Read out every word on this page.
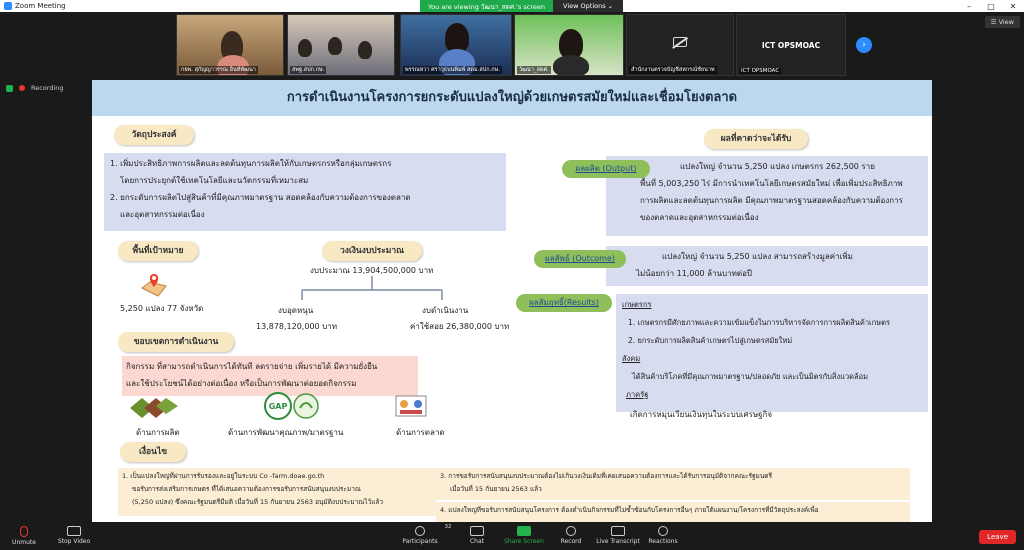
Zoom Meeting	–	□	✕
You are viewing วัฒนา_สดศ.'s screen	View Options ⌄
☰ View
กยพ. สุกัญญาวรรณ อินท์พัฒนา	สพฐ.สปก.กษ.	พรรณทวา ศราวุธบนพิมพ์ สดม.สปก.กษ.	วัฒนา_สดศ.	สำนักงานตรวจบัญชีสหกรณ์ชัยนาท
ICT OPSMOAC
ICT OPSMOAC
›
Recording
การดำเนินงานโครงการยกระดับแปลงใหญ่ด้วยเกษตรสมัยใหม่และเชื่อมโยงตลาด
วัตถุประสงค์
1. เพิ่มประสิทธิภาพการผลิตและลดต้นทุนการผลิตให้กับเกษตรกรหรือกลุ่มเกษตรกร
โดยการประยุกต์ใช้เทคโนโลยีและนวัตกรรมที่เหมาะสม
2. ยกระดับการผลิตไปสู่สินค้าที่มีคุณภาพมาตรฐาน สอดคล้องกับความต้องการของตลาด
และอุตสาหกรรมต่อเนื่อง
พื้นที่เป้าหมาย
5,250 แปลง 77 จังหวัด
วงเงินงบประมาณ
งบประมาณ 13,904,500,000 บาท
งบอุดหนุน
13,878,120,000 บาท
งบดำเนินงาน
ค่าใช้สอย 26,380,000 บาท
ขอบเขตการดำเนินงาน
กิจกรรม ที่สามารถดำเนินการได้ทันที ลดรายจ่าย เพิ่มรายได้ มีความยั่งยืน
และใช้ประโยชน์ได้อย่างต่อเนื่อง หรือเป็นการพัฒนาต่อยอดกิจกรรม
ด้านการผลิต
GAP
ด้านการพัฒนาคุณภาพ/มาตรฐาน	ด้านการตลาด
เงื่อนไข
1. เป็นแปลงใหญ่ที่ผ่านการรับรองและอยู่ในระบบ Co -farm.doae.go.th
ขอรับการส่งเสริมการเกษตร ที่ได้เสนอความต้องการขอรับการสนับสนุนงบประมาณ
(5,250 แปลง) ซึ่งคณะรัฐมนตรีมีมติ เมื่อวันที่ 15 กันยายน 2563 อนุมัติงบประมาณไว้แล้ว
3. การขอรับการสนับสนุนงบประมาณต้องไม่เกินวงเงินเดิมที่เคยเสนอความต้องการและได้รับการอนุมัติจากคณะรัฐมนตรี
เมื่อวันที่ 15 กันยายน 2563 แล้ว
4. แปลงใหญ่ที่ขอรับการสนับสนุนโครงการ ต้องดำเนินกิจกรรมที่ไม่ซ้ำซ้อนกับโครงการอื่นๆ ภายใต้แผนงาน/โครงการที่มีวัตถุประสงค์เพื่อ
ผลที่คาดว่าจะได้รับ
แปลงใหญ่ จำนวน 5,250 แปลง เกษตรกร 262,500 ราย
พื้นที่ 5,003,250 ไร่ มีการนำเทคโนโลยีเกษตรสมัยใหม่ เพื่อเพิ่มประสิทธิภาพ
การผลิตและลดต้นทุนการผลิต มีคุณภาพมาตรฐานสอดคล้องกับความต้องการ
ของตลาดและอุตสาหกรรมต่อเนื่อง
ผลผลิต (Output)
แปลงใหญ่ จำนวน 5,250 แปลง สามารถสร้างมูลค่าเพิ่ม
ไม่น้อยกว่า 11,000 ล้านบาทต่อปี
ผลลัพธ์ (Outcome)
เกษตรกร
1. เกษตรกรมีศักยภาพและความเข้มแข็งในการบริหารจัดการการผลิตสินค้าเกษตร
2. ยกระดับการผลิตสินค้าเกษตรไปสู่เกษตรสมัยใหม่
สังคม
ได้สินค้าบริโภคที่มีคุณภาพมาตรฐาน/ปลอดภัย และเป็นมิตรกับสิ่งแวดล้อม
ภาครัฐ
เกิดการหมุนเวียนเงินทุนในระบบเศรษฐกิจ
ผลสัมฤทธิ์(Results)
Unmute	Stop Video	Participants
32
Chat	Share Screen	Record	Live Transcript	Reactions
Leave
